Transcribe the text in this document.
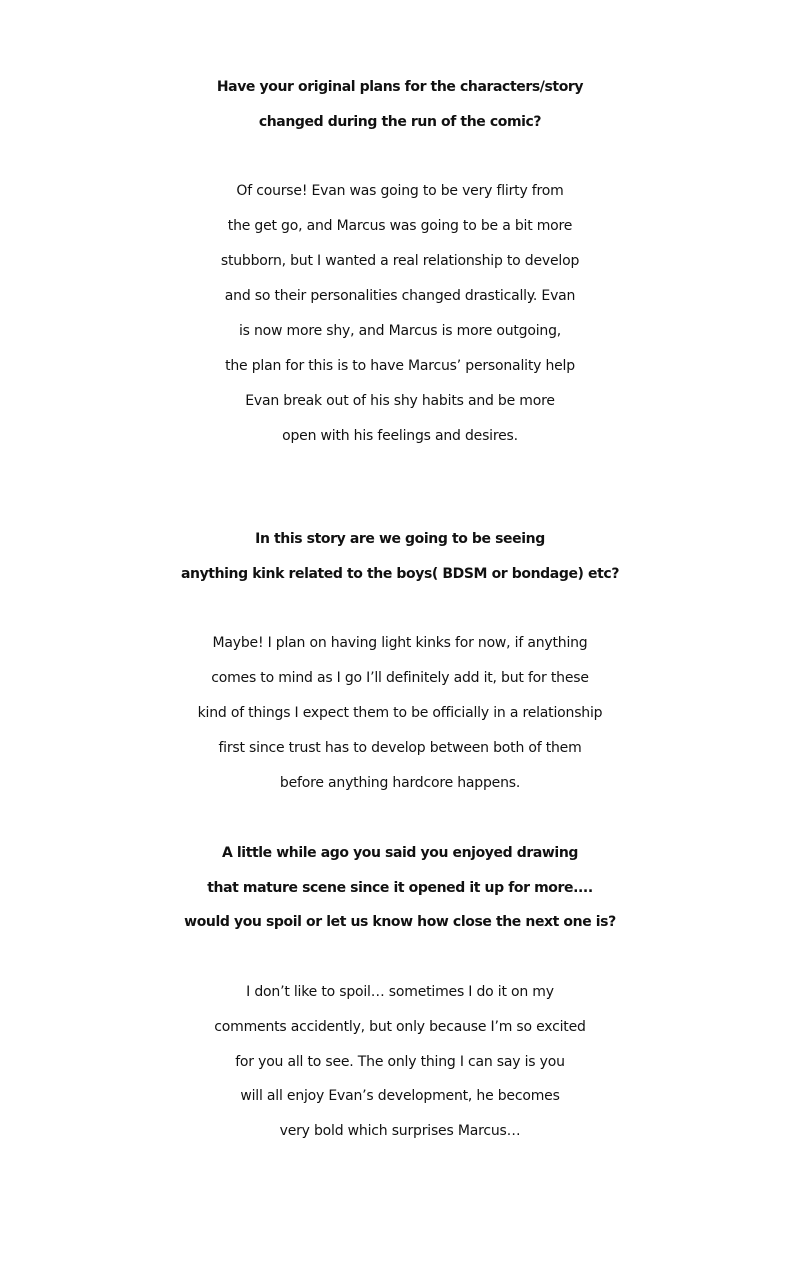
Have your original plans for the characters/story
changed during the run of the comic?
Of course! Evan was going to be very flirty from
the get go, and Marcus was going to be a bit more
stubborn, but I wanted a real relationship to develop
and so their personalities changed drastically. Evan
is now more shy, and Marcus is more outgoing,
the plan for this is to have Marcus’ personality help
Evan break out of his shy habits and be more
open with his feelings and desires.
In this story are we going to be seeing
anything kink related to the boys( BDSM or bondage) etc?
Maybe! I plan on having light kinks for now, if anything
comes to mind as I go I’ll definitely add it, but for these
kind of things I expect them to be officially in a relationship
first since trust has to develop between both of them
before anything hardcore happens.
A little while ago you said you enjoyed drawing
that mature scene since it opened it up for more....
would you spoil or let us know how close the next one is?
I don’t like to spoil… sometimes I do it on my
comments accidently, but only because I’m so excited
for you all to see. The only thing I can say is you
will all enjoy Evan’s development, he becomes
very bold which surprises Marcus…
